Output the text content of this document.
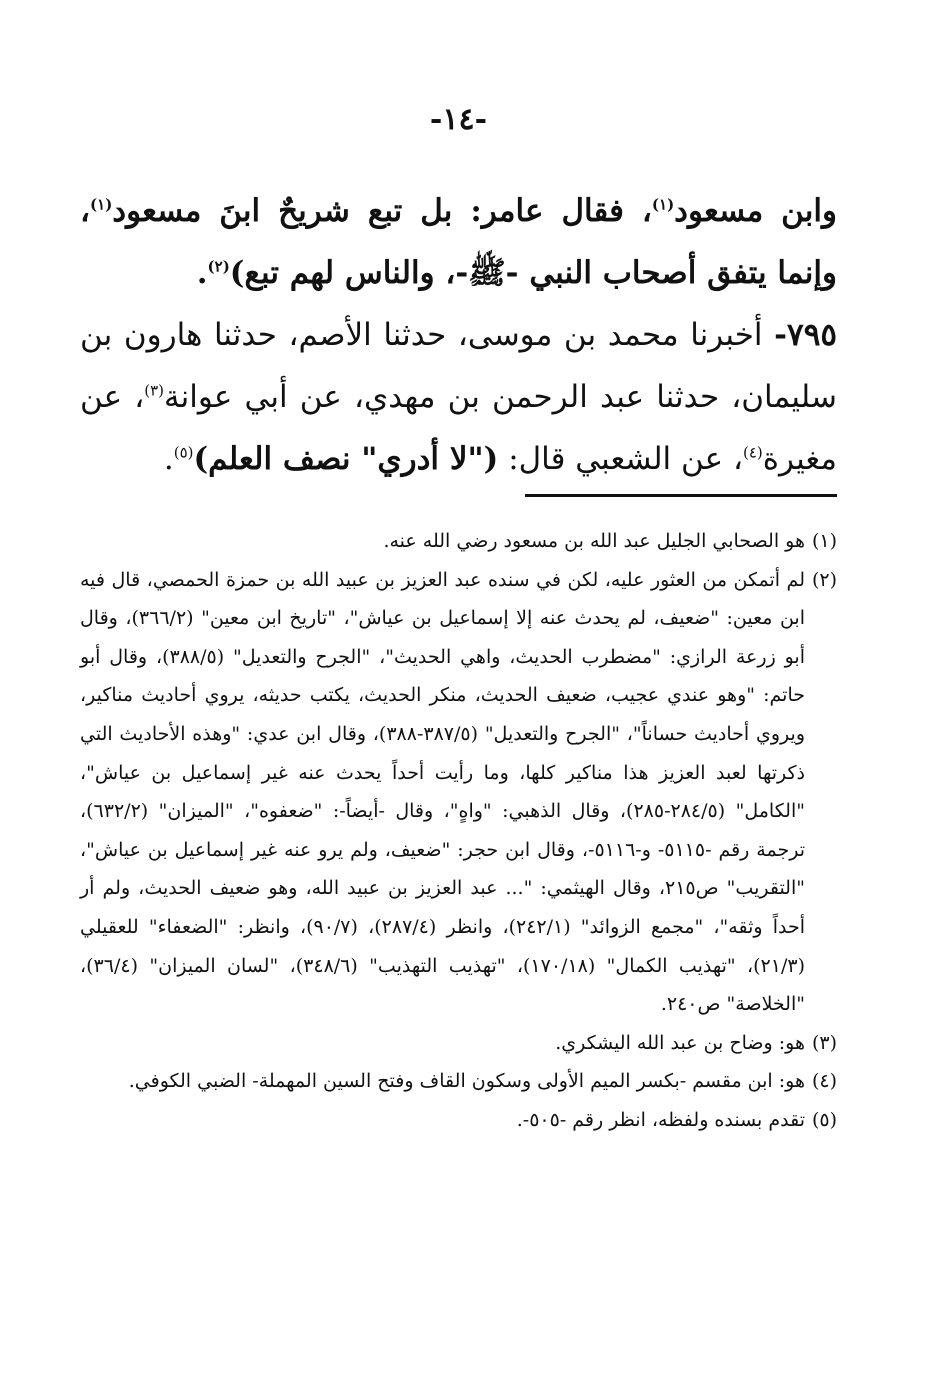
-١٤-

وابن مسعود$^{(١)}$، فقال عامر: بل تبع شريحٌ ابنَ مسعود$^{(١)}$، وإنما يتفق أصحاب النبي -ﷺ-، والناس لهم تبع)$^{(٢)}$.

٧٩٥- أخبرنا محمد بن موسى، حدثنا الأصم، حدثنا هارون بن سليمان، حدثنا عبد الرحمن بن مهدي، عن أبي عوانة$^{(٣)}$، عن مغيرة$^{(٤)}$، عن الشعبي قال: ("لا أدري" نصف العلم)$^{(٥)}$.

(١)
هو الصحابي الجليل عبد الله بن مسعود رضي الله عنه.
(٢)
لم أتمكن من العثور عليه، لكن في سنده عبد العزيز بن عبيد الله بن حمزة الحمصي، قال فيه ابن معين: "ضعيف، لم يحدث عنه إلا إسماعيل بن عياش"، "تاريخ ابن معين" (٣٦٦/٢)، وقال أبو زرعة الرازي: "مضطرب الحديث، واهي الحديث"، "الجرح والتعديل" (٣٨٨/٥)، وقال أبو حاتم: "وهو عندي عجيب، ضعيف الحديث، منكر الحديث، يكتب حديثه، يروي أحاديث مناكير، ويروي أحاديث حساناً"، "الجرح والتعديل" (٣٨٧/٥-٣٨٨)، وقال ابن عدي: "وهذه الأحاديث التي ذكرتها لعبد العزيز هذا مناكير كلها، وما رأيت أحداً يحدث عنه غير إسماعيل بن عياش"، "الكامل" (٢٨٤/٥-٢٨٥)، وقال الذهبي: "واهٍ"، وقال -أيضاً-: "ضعفوه"، "الميزان" (٦٣٢/٢)، ترجمة رقم -٥١١٥- و-٥١١٦-، وقال ابن حجر: "ضعيف، ولم يرو عنه غير إسماعيل بن عياش"، "التقريب" ص٢١٥، وقال الهيثمي: "... عبد العزيز بن عبيد الله، وهو ضعيف الحديث، ولم أر أحداً وثقه"، "مجمع الزوائد" (٢٤٢/١)، وانظر (٢٨٧/٤)، (٩٠/٧)، وانظر: "الضعفاء" للعقيلي (٢١/٣)، "تهذيب الكمال" (١٧٠/١٨)، "تهذيب التهذيب" (٣٤٨/٦)، "لسان الميزان" (٣٦/٤)، "الخلاصة" ص٢٤٠.
(٣)
هو: وضاح بن عبد الله اليشكري.
(٤)
هو: ابن مقسم -بكسر الميم الأولى وسكون القاف وفتح السين المهملة- الضبي الكوفي.
(٥)
تقدم بسنده ولفظه، انظر رقم -٥٠٥-.
